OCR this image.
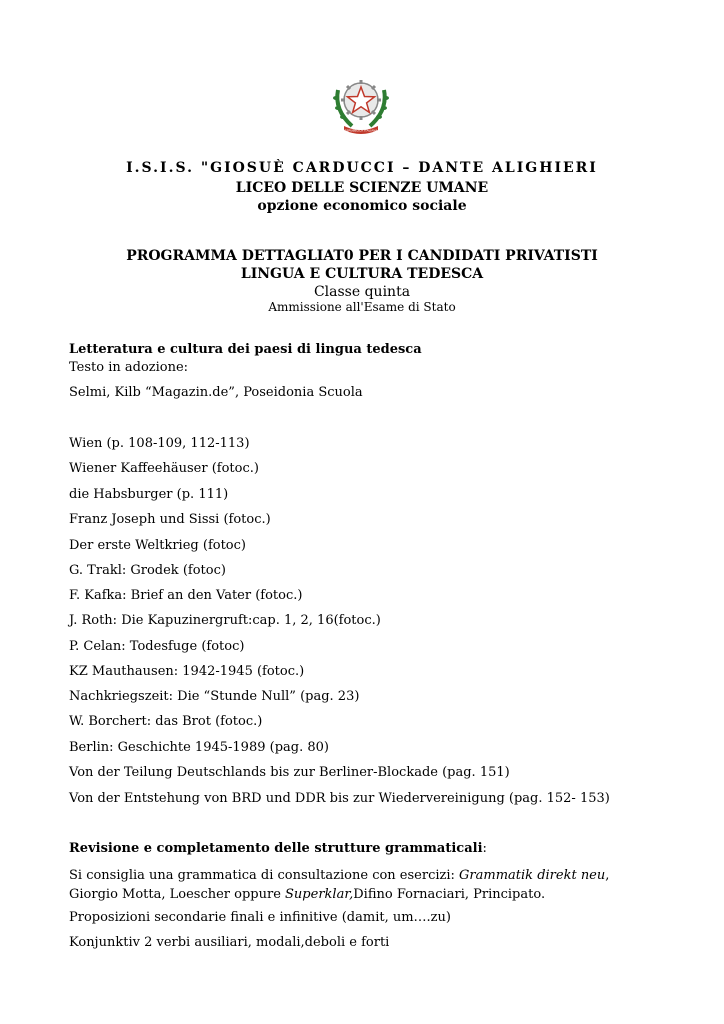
REPUBBLICA ITALIANA
I.S.I.S. "GIOSUÈ CARDUCCI – DANTE ALIGHIERI
LICEO DELLE SCIENZE UMANE
opzione economico sociale
PROGRAMMA DETTAGLIAT0 PER I CANDIDATI PRIVATISTI
LINGUA E CULTURA TEDESCA
Classe quinta
Ammissione all'Esame di Stato
Letteratura e cultura dei paesi di lingua tedesca
Testo in adozione:
Selmi, Kilb “Magazin.de”, Poseidonia Scuola
Wien (p. 108-109, 112-113)
Wiener Kaffeehäuser (fotoc.)
die Habsburger (p. 111)
Franz Joseph und Sissi (fotoc.)
Der erste Weltkrieg (fotoc)
G. Trakl: Grodek (fotoc)
F. Kafka: Brief an den Vater (fotoc.)
J. Roth: Die Kapuzinergruft:cap. 1, 2, 16(fotoc.)
P. Celan: Todesfuge (fotoc)
KZ Mauthausen: 1942-1945 (fotoc.)
Nachkriegszeit: Die “Stunde Null” (pag. 23)
W. Borchert: das Brot (fotoc.)
Berlin: Geschichte 1945-1989 (pag. 80)
Von der Teilung Deutschlands bis zur Berliner-Blockade (pag. 151)
Von der Entstehung von BRD und DDR bis zur Wiedervereinigung (pag. 152- 153)
Revisione e completamento delle strutture grammaticali:
Si consiglia una grammatica di consultazione con esercizi: Grammatik direkt neu, Giorgio Motta, Loescher oppure Superklar,Difino Fornaciari, Principato.
Proposizioni secondarie finali e infinitive (damit, um….zu)
Konjunktiv 2 verbi ausiliari, modali,deboli e forti
